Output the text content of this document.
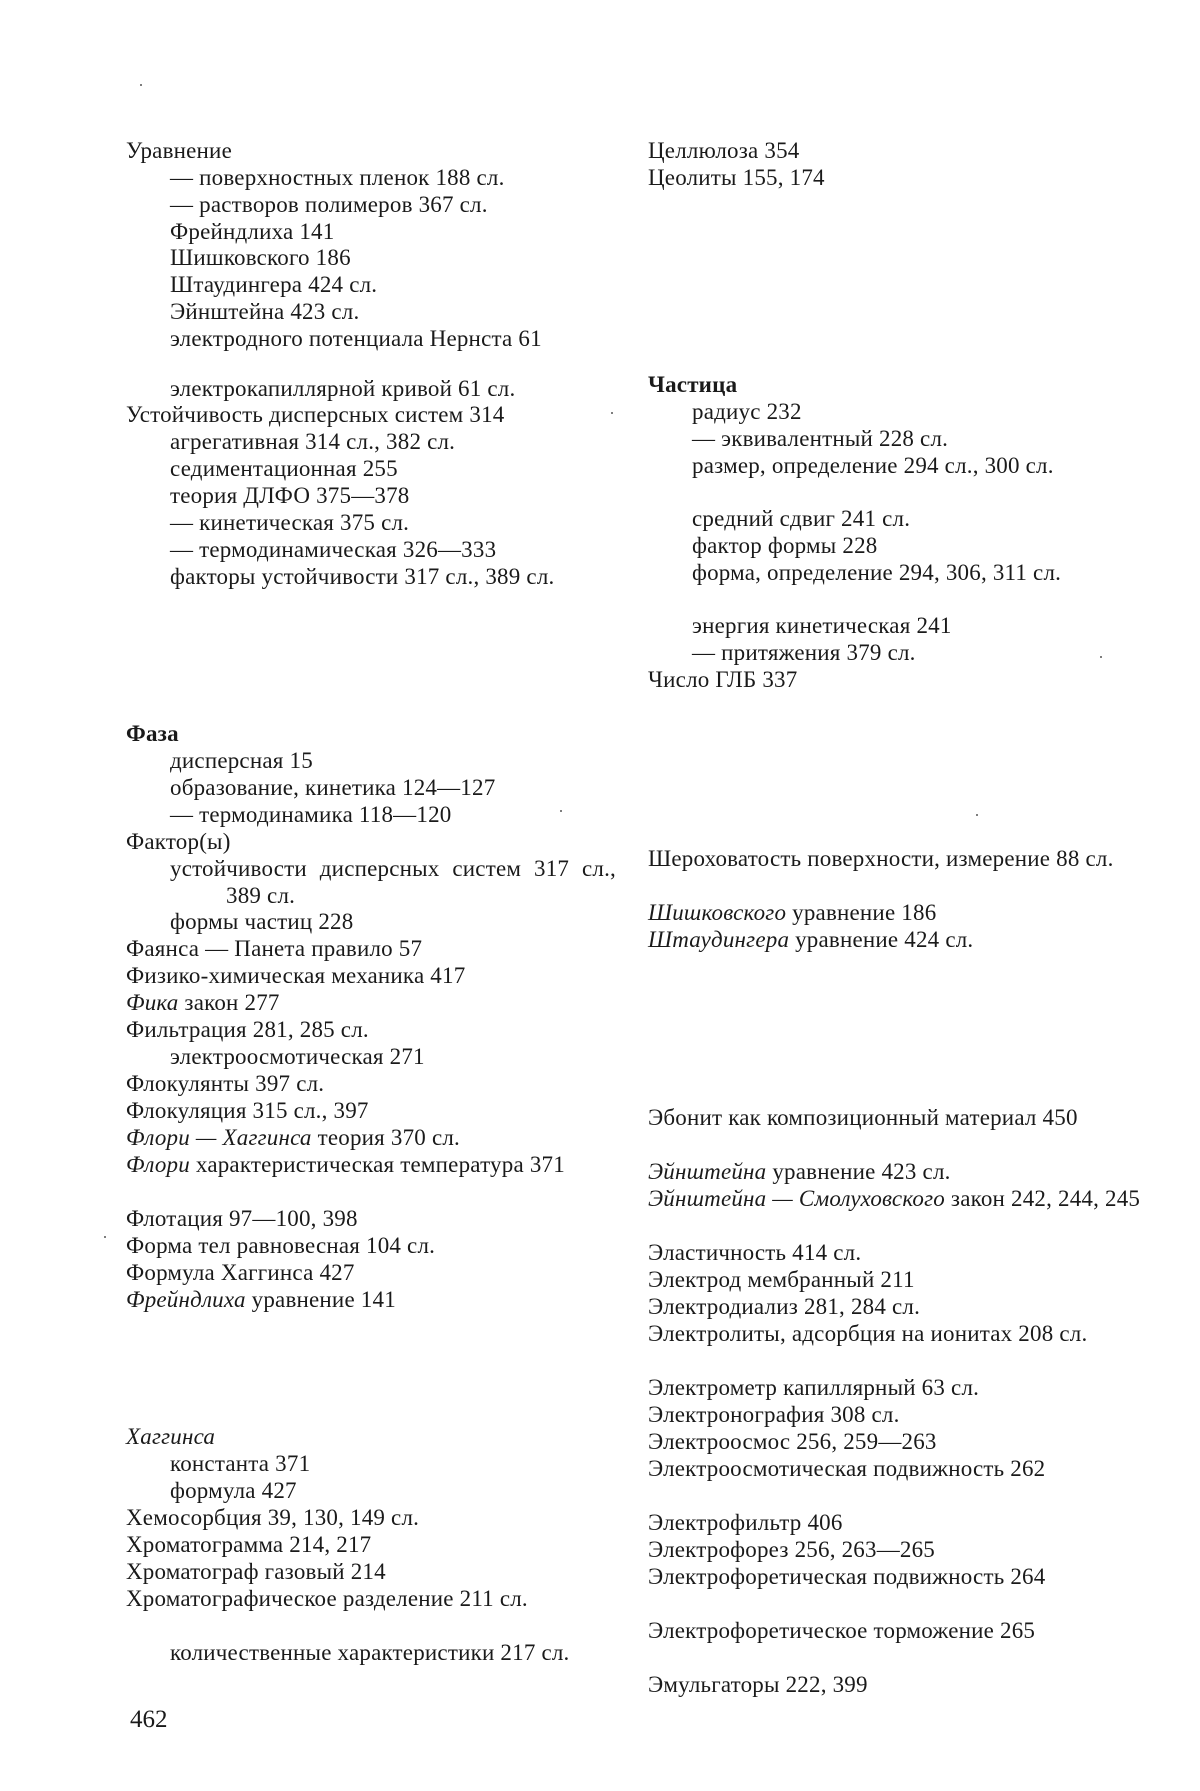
Уравнение
— поверхностных пленок 188 сл.
— растворов полимеров 367 сл.
Фрейндлиха 141
Шишковского 186
Штаудингера 424 сл.
Эйнштейна 423 сл.
электродного потенциала Нернста 61
электрокапиллярной кривой 61 сл.
Устойчивость дисперсных систем 314
агрегативная 314 сл., 382 сл.
седиментационная 255
теория ДЛФО 375—378
— кинетическая 375 сл.
— термодинамическая 326—333
факторы устойчивости 317 сл., 389 сл.
Фаза
дисперсная 15
образование, кинетика 124—127
— термодинамика 118—120
Фактор(ы)
устойчивости дисперсных систем 317 сл., 389 сл.
формы частиц 228
Фаянса — Панета правило 57
Физико-химическая механика 417
Фика закон 277
Фильтрация 281, 285 сл.
электроосмотическая 271
Флокулянты 397 сл.
Флокуляция 315 сл., 397
Флори — Хаггинса теория 370 сл.
Флори характеристическая температура 371
Флотация 97—100, 398
Форма тел равновесная 104 сл.
Формула Хаггинса 427
Фрейндлиха уравнение 141
Хаггинса
константа 371
формула 427
Хемосорбция 39, 130, 149 сл.
Хроматограмма 214, 217
Хроматограф газовый 214
Хроматографическое разделение 211 сл.
количественные характеристики 217 сл.
Целлюлоза 354
Цеолиты 155, 174
Частица
радиус 232
— эквивалентный 228 сл.
размер, определение 294 сл., 300 сл.
средний сдвиг 241 сл.
фактор формы 228
форма, определение 294, 306, 311 сл.
энергия кинетическая 241
— притяжения 379 сл.
Число ГЛБ 337
Шероховатость поверхности, измерение 88 сл.
Шишковского уравнение 186
Штаудингера уравнение 424 сл.
Эбонит как композиционный материал 450
Эйнштейна уравнение 423 сл.
Эйнштейна — Смолуховского закон 242, 244, 245
Эластичность 414 сл.
Электрод мембранный 211
Электродиализ 281, 284 сл.
Электролиты, адсорбция на ионитах 208 сл.
Электрометр капиллярный 63 сл.
Электронография 308 сл.
Электроосмос 256, 259—263
Электроосмотическая подвижность 262
Электрофильтр 406
Электрофорез 256, 263—265
Электрофоретическая подвижность 264
Электрофоретическое торможение 265
Эмульгаторы 222, 399
462
